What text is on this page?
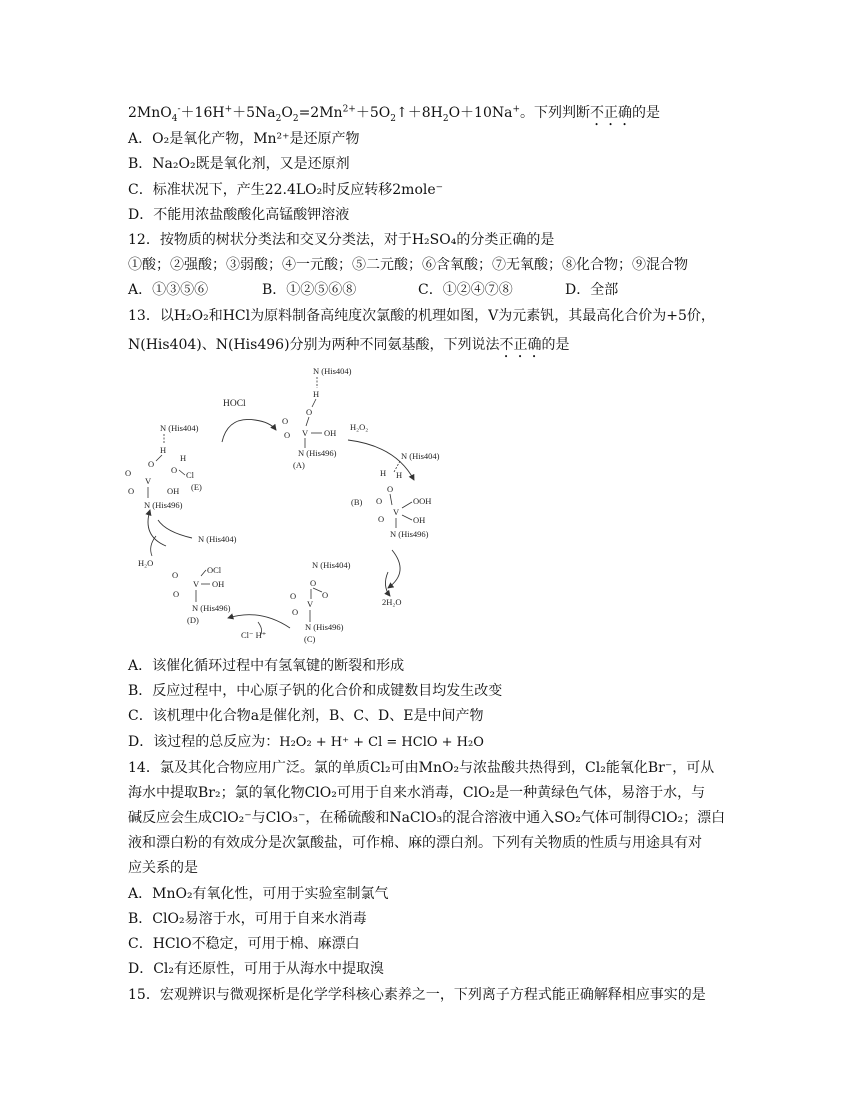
$2MnO_4^-+16H^++5Na_2O_2=2Mn^{2+}+5O_2↑+8H_2O+10Na^+$。下列判断不正确的是
A．O₂是氧化产物，Mn²⁺是还原产物
B．Na₂O₂既是氧化剂，又是还原剂
C．标准状况下，产生22.4LO₂时反应转移2mole⁻
D．不能用浓盐酸酸化高锰酸钾溶液
12．按物质的树状分类法和交叉分类法，对于H₂SO₄的分类正确的是
①酸；②强酸；③弱酸；④一元酸；⑤二元酸；⑥含氧酸；⑦无氧酸；⑧化合物；⑨混合物
A．①③⑤⑥	B．①②⑤⑥⑧	C．①②④⑦⑧	D．全部
13．以H₂O₂和HCl为原料制备高纯度次氯酸的机理如图，V为元素钒，其最高化合价为+5价，
N(His404)、N(His496)分别为两种不同氨基酸，下列说法不正确的是
N (His404)
H
O
O
V
O	OH
N (His496)
(A)
HOCl
H₂O₂
N (His404)
H H
O
(B) O
V
O
OOH
OH
N (His496)
N (His404)
2H₂O
O
O
O
V
O
N (His496)
(C)
Cl⁻ H⁺
OCl
O
V OH
O
N (His496)
(D)
H₂O
N (His404)
N (His404)
H
O
H
O Cl
O
V
O	OH (E)
N (His496)
A．该催化循环过程中有氢氧键的断裂和形成
B．反应过程中，中心原子钒的化合价和成键数目均发生改变
C．该机理中化合物a是催化剂，B、C、D、E是中间产物
D．该过程的总反应为：H₂O₂ + H⁺ + Cl = HClO + H₂O
14．氯及其化合物应用广泛。氯的单质Cl₂可由MnO₂与浓盐酸共热得到，Cl₂能氧化Br⁻，可从
海水中提取Br₂；氯的氧化物ClO₂可用于自来水消毒，ClO₂是一种黄绿色气体，易溶于水，与
碱反应会生成ClO₂⁻与ClO₃⁻，在稀硫酸和NaClO₃的混合溶液中通入SO₂气体可制得ClO₂；漂白
液和漂白粉的有效成分是次氯酸盐，可作棉、麻的漂白剂。下列有关物质的性质与用途具有对
应关系的是
A．MnO₂有氧化性，可用于实验室制氯气
B．ClO₂易溶于水，可用于自来水消毒
C．HClO不稳定，可用于棉、麻漂白
D．Cl₂有还原性，可用于从海水中提取溴
15．宏观辨识与微观探析是化学学科核心素养之一，下列离子方程式能正确解释相应事实的是
